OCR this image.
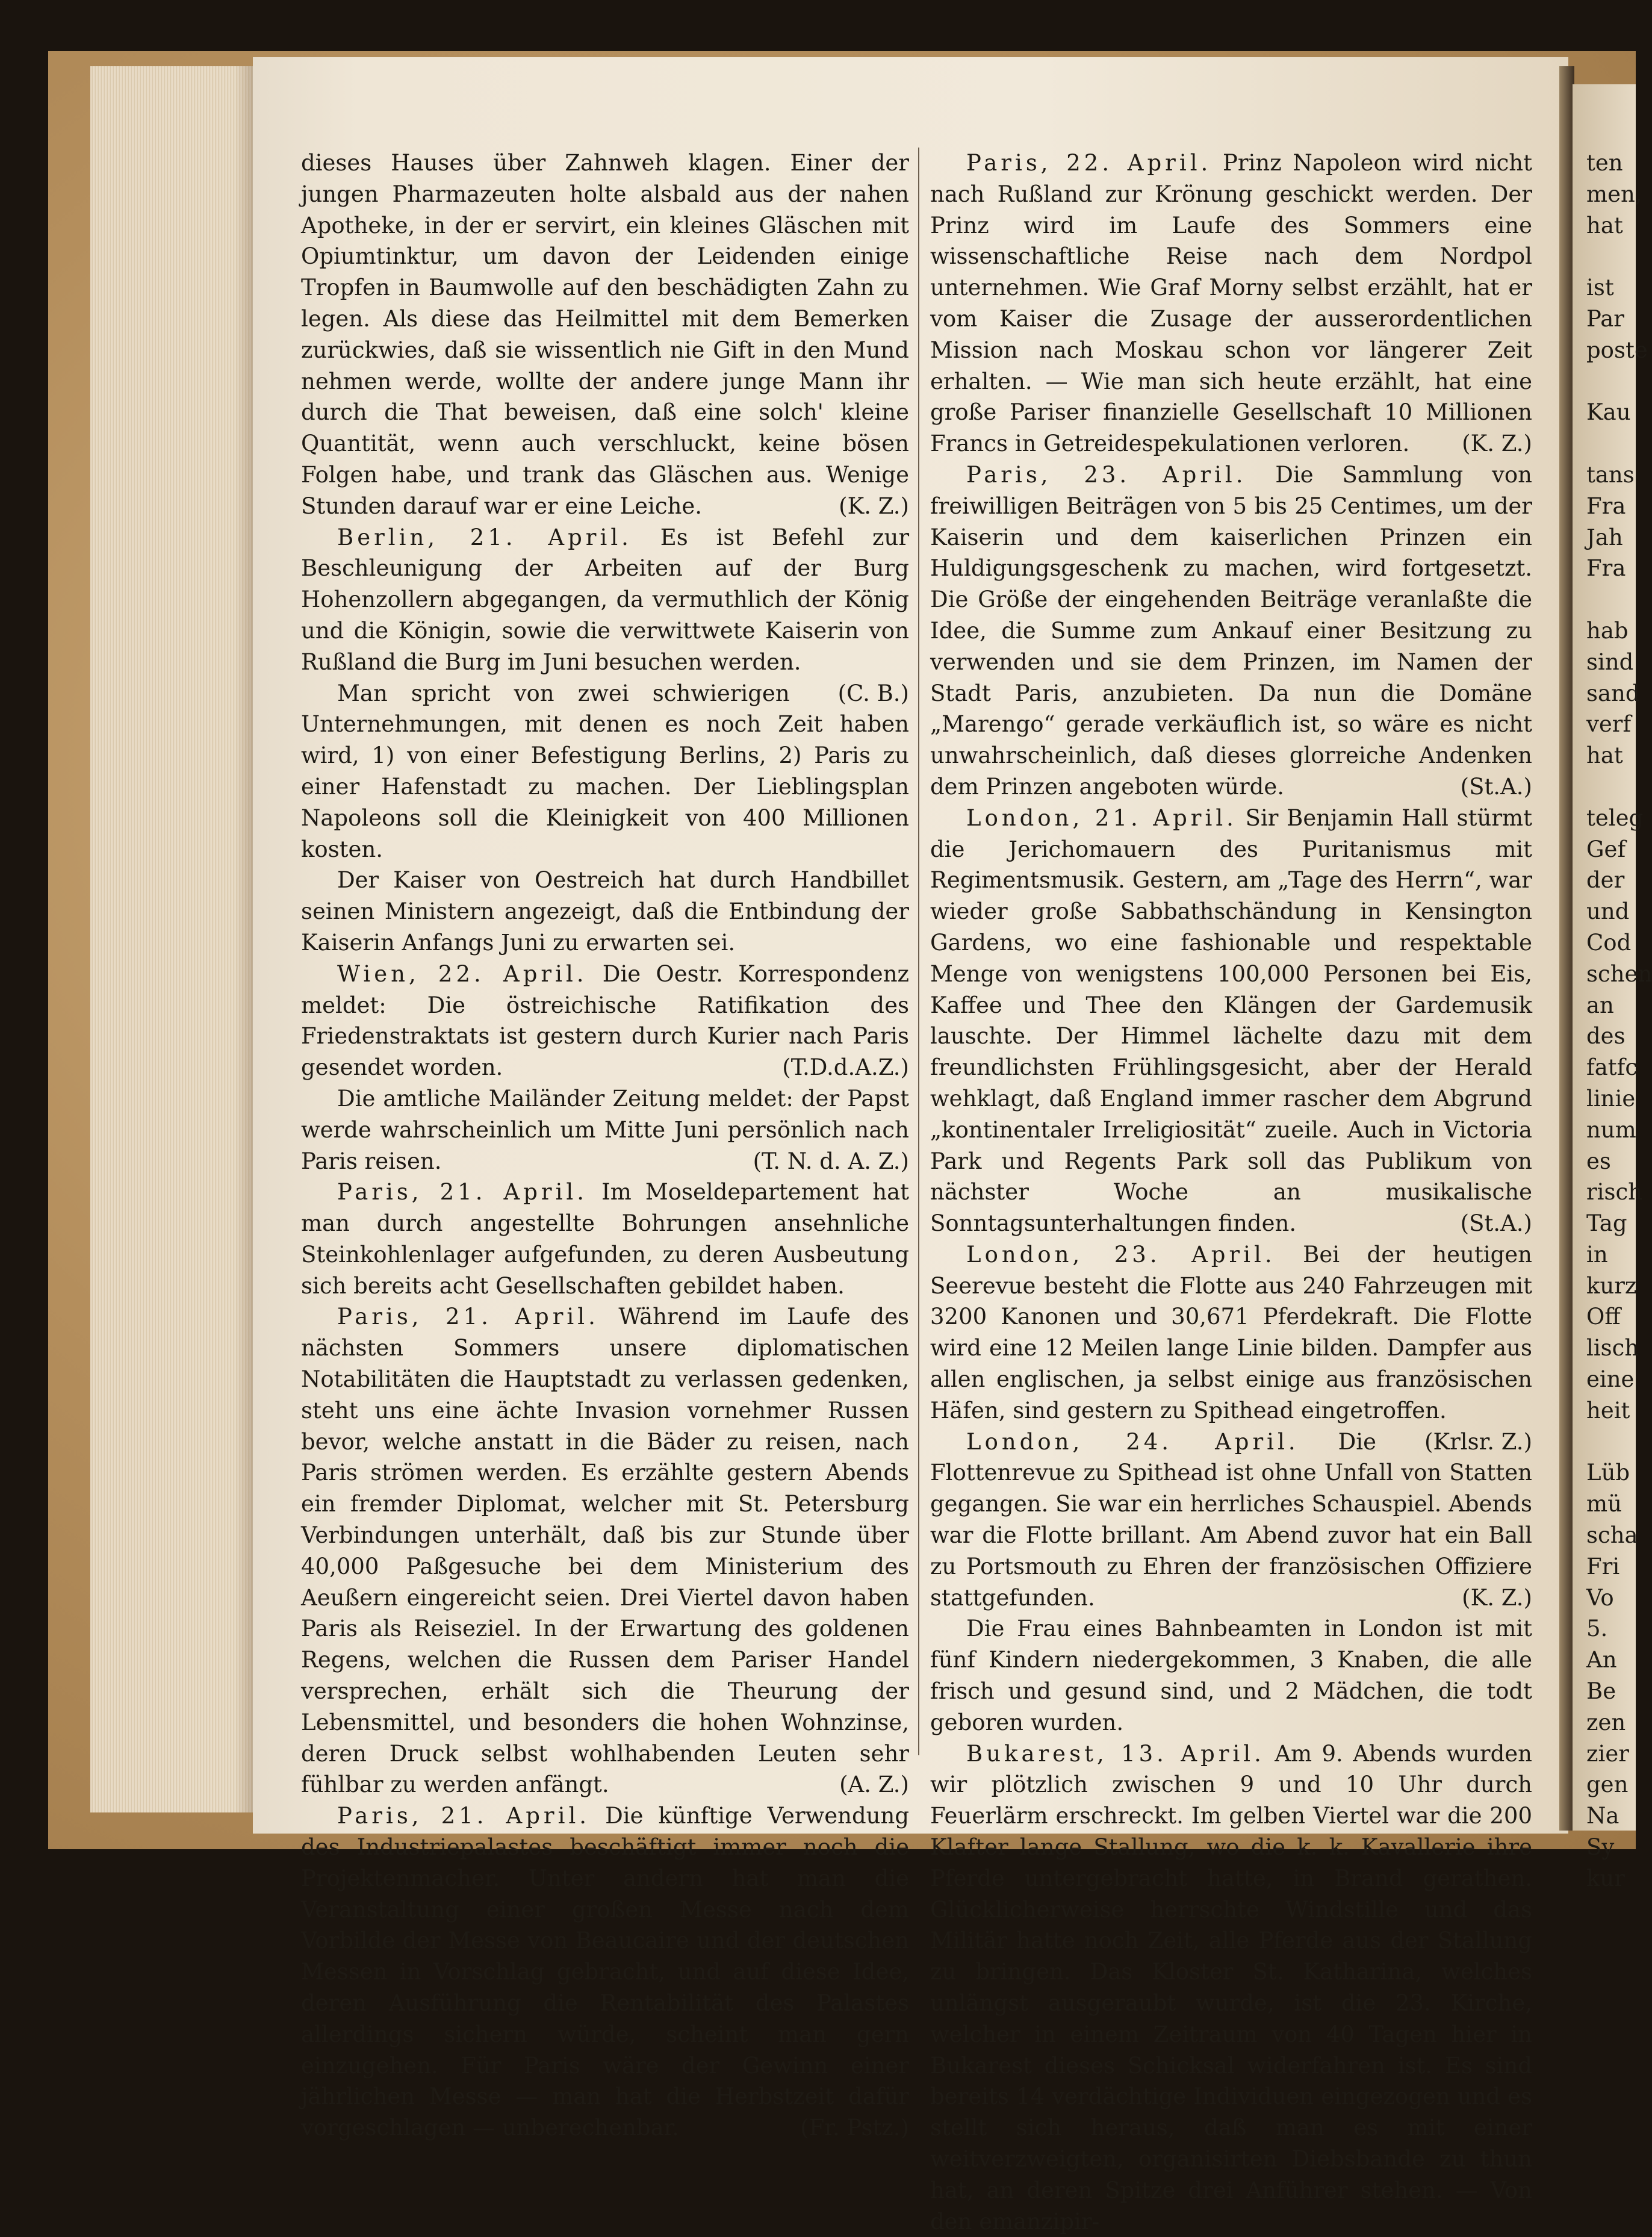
dieses Hauses über Zahnweh klagen. Einer der jungen Pharmazeuten holte alsbald aus der nahen Apotheke, in der er servirt, ein kleines Gläschen mit Opiumtinktur, um davon der Leidenden einige Tropfen in Baumwolle auf den beschädigten Zahn zu legen. Als diese das Heilmittel mit dem Bemerken zurückwies, daß sie wissentlich nie Gift in den Mund nehmen werde, wollte der andere junge Mann ihr durch die That beweisen, daß eine solch' kleine Quantität, wenn auch verschluckt, keine bösen Folgen habe, und trank das Gläschen aus. Wenige Stunden darauf war er eine Leiche.	(K. Z.)

Berlin, 21. April. Es ist Befehl zur Beschleunigung der Arbeiten auf der Burg Hohenzollern abgegangen, da vermuthlich der König und die Königin, sowie die verwittwete Kaiserin von Rußland die Burg im Juni besuchen werden.
(C. B.)

Man spricht von zwei schwierigen Unternehmungen, mit denen es noch Zeit haben wird, 1) von einer Befestigung Berlins, 2) Paris zu einer Hafenstadt zu machen. Der Lieblingsplan Napoleons soll die Kleinigkeit von 400 Millionen kosten.

Der Kaiser von Oestreich hat durch Handbillet seinen Ministern angezeigt, daß die Entbindung der Kaiserin Anfangs Juni zu erwarten sei.

Wien, 22. April. Die Oestr. Korrespondenz meldet: Die östreichische Ratifikation des Friedenstraktats ist gestern durch Kurier nach Paris gesendet worden.	(T.D.d.A.Z.)

Die amtliche Mailänder Zeitung meldet: der Papst werde wahrscheinlich um Mitte Juni persönlich nach Paris reisen.	(T. N. d. A. Z.)

Paris, 21. April. Im Moseldepartement hat man durch angestellte Bohrungen ansehnliche Steinkohlenlager aufgefunden, zu deren Ausbeutung sich bereits acht Gesellschaften gebildet haben.

Paris, 21. April. Während im Laufe des nächsten Sommers unsere diplomatischen Notabilitäten die Hauptstadt zu verlassen gedenken, steht uns eine ächte Invasion vornehmer Russen bevor, welche anstatt in die Bäder zu reisen, nach Paris strömen werden. Es erzählte gestern Abends ein fremder Diplomat, welcher mit St. Petersburg Verbindungen unterhält, daß bis zur Stunde über 40,000 Paßgesuche bei dem Ministerium des Aeußern eingereicht seien. Drei Viertel davon haben Paris als Reiseziel. In der Erwartung des goldenen Regens, welchen die Russen dem Pariser Handel versprechen, erhält sich die Theurung der Lebensmittel, und besonders die hohen Wohnzinse, deren Druck selbst wohlhabenden Leuten sehr fühlbar zu werden anfängt.	(A. Z.)

Paris, 21. April. Die künftige Verwendung des Industriepalastes beschäftigt immer noch die Projektenmacher. Unter andern hat man die Veranstaltung einer großen Messe nach dem Vorbilde der Messe von Beaucaire und der deutschen Messen in Vorschlag gebracht, und auf diese Idee, deren Ausführung die Rentabilität des Palastes allerdings sichern würde, scheint man gern einzugehen. Für Paris wäre der Gewinn einer jährlichen Messe — man hat die Herbstzeit dafür vorgeschlagen — unberechenbar.	(Fr. Pstz.)

Paris, 22. April. Prinz Napoleon wird nicht nach Rußland zur Krönung geschickt werden. Der Prinz wird im Laufe des Sommers eine wissenschaftliche Reise nach dem Nordpol unternehmen. Wie Graf Morny selbst erzählt, hat er vom Kaiser die Zusage der ausserordentlichen Mission nach Moskau schon vor längerer Zeit erhalten. — Wie man sich heute erzählt, hat eine große Pariser finanzielle Gesellschaft 10 Millionen Francs in Getreidespekulationen verloren.	(K. Z.)

Paris, 23. April. Die Sammlung von freiwilligen Beiträgen von 5 bis 25 Centimes, um der Kaiserin und dem kaiserlichen Prinzen ein Huldigungsgeschenk zu machen, wird fortgesetzt. Die Größe der eingehenden Beiträge veranlaßte die Idee, die Summe zum Ankauf einer Besitzung zu verwenden und sie dem Prinzen, im Namen der Stadt Paris, anzubieten. Da nun die Domäne „Marengo“ gerade verkäuflich ist, so wäre es nicht unwahrscheinlich, daß dieses glorreiche Andenken dem Prinzen angeboten würde.	(St.A.)

London, 21. April. Sir Benjamin Hall stürmt die Jerichomauern des Puritanismus mit Regimentsmusik. Gestern, am „Tage des Herrn“, war wieder große Sabbathschändung in Kensington Gardens, wo eine fashionable und respektable Menge von wenigstens 100,000 Personen bei Eis, Kaffee und Thee den Klängen der Gardemusik lauschte. Der Himmel lächelte dazu mit dem freundlichsten Frühlingsgesicht, aber der Herald wehklagt, daß England immer rascher dem Abgrund „kontinentaler Irreligiosität“ zueile. Auch in Victoria Park und Regents Park soll das Publikum von nächster Woche an musikalische Sonntagsunterhaltungen finden.	(St.A.)

London, 23. April. Bei der heutigen Seerevue besteht die Flotte aus 240 Fahrzeugen mit 3200 Kanonen und 30,671 Pferdekraft. Die Flotte wird eine 12 Meilen lange Linie bilden. Dampfer aus allen englischen, ja selbst einige aus französischen Häfen, sind gestern zu Spithead eingetroffen.
(Krlsr. Z.)

London, 24. April. Die Flottenrevue zu Spithead ist ohne Unfall von Statten gegangen. Sie war ein herrliches Schauspiel. Abends war die Flotte brillant. Am Abend zuvor hat ein Ball zu Portsmouth zu Ehren der französischen Offiziere stattgefunden.	(K. Z.)

Die Frau eines Bahnbeamten in London ist mit fünf Kindern niedergekommen, 3 Knaben, die alle frisch und gesund sind, und 2 Mädchen, die todt geboren wurden.

Bukarest, 13. April. Am 9. Abends wurden wir plötzlich zwischen 9 und 10 Uhr durch Feuerlärm erschreckt. Im gelben Viertel war die 200 Klafter lange Stallung, wo die k. k. Kavallerie ihre Pferde untergebracht hatte, in Brand gerathen. Glücklicherweise herrschte Windstille und das Militär hatte noch Zeit, alle Pferde aus der Stallung zu bringen. Das Kloster St. Katharina, welches unlängst ausgeraubt wurde, ist die 23. Kirche, welcher in einem Zeitraum von 40 Tagen hier in Bukarest dieses Schicksal widerfahren ist. Es sind bereits 14 verdächtige Individuen eingezogen und es stellt sich heraus, daß man es mit einer weitverzweigten, organisirten Diebsbande zu thun hat, an deren Spitze drei Anführer stehen. — Von den emanzipir-

ten
men,
hat
ist
Par
poste
Kau
tans
Fra
Jah
Fra
hab
sind
sand
verf
hat
teleg
Gef
der
und
Cod
schen
an
des
fatfc
linie
num
es
risch
Tag
in
kurz
Off
lisch
eine
heit
Lüb
mü
scha
Fri
Vo
5.
An
Be
zen
zier
gen
Na
Sy
kur
